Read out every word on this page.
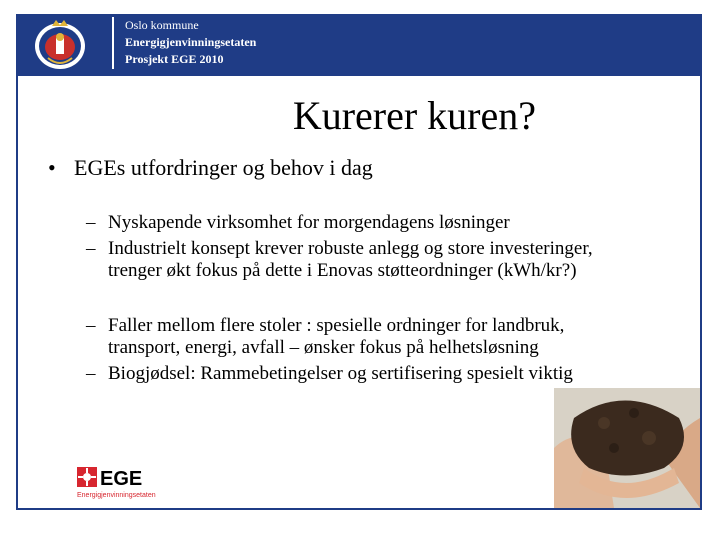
Oslo kommune
Energigjenvinningsetaten
Prosjekt EGE 2010
Kurerer kuren?
• EGEs utfordringer og behov i dag
– Nyskapende virksomhet for morgendagens løsninger
– Industrielt konsept krever robuste anlegg og store investeringer,
trenger økt fokus på dette i Enovas støtteordninger (kWh/kr?)
– Faller mellom flere stoler : spesielle ordninger for landbruk,
transport, energi, avfall – ønsker fokus på helhetsløsning
– Biogjødsel: Rammebetingelser og sertifisering spesielt viktig
EGE
Energigjenvinningsetaten
